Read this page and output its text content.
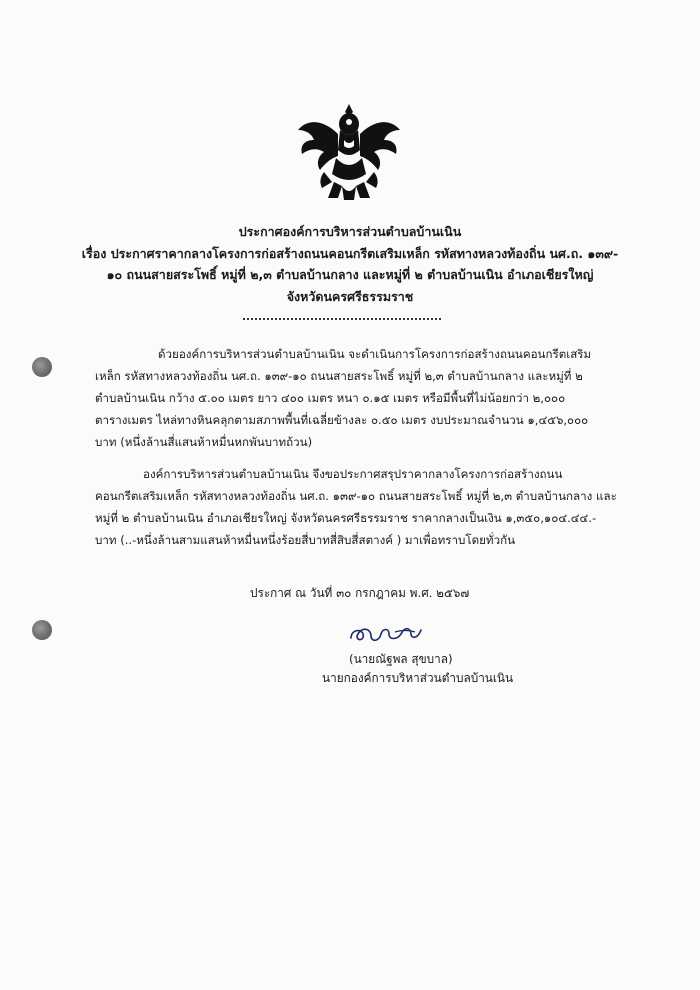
ประกาศองค์การบริหารส่วนตำบลบ้านเนิน
เรื่อง ประกาศราคากลางโครงการก่อสร้างถนนคอนกรีตเสริมเหล็ก รหัสทางหลวงท้องถิ่น นศ.ถ. ๑๓๙-
๑๐ ถนนสายสระโพธิ์ หมู่ที่ ๒,๓ ตำบลบ้านกลาง และหมู่ที่ ๒ ตำบลบ้านเนิน อำเภอเชียรใหญ่
จังหวัดนครศรีธรรมราช
ด้วยองค์การบริหารส่วนตำบลบ้านเนิน จะดำเนินการโครงการก่อสร้างถนนคอนกรีตเสริม
เหล็ก รหัสทางหลวงท้องถิ่น นศ.ถ. ๑๓๙-๑๐ ถนนสายสระโพธิ์ หมู่ที่ ๒,๓ ตำบลบ้านกลาง และหมู่ที่ ๒
ตำบลบ้านเนิน กว้าง ๕.๐๐ เมตร ยาว ๔๐๐ เมตร หนา ๐.๑๕ เมตร หรือมีพื้นที่ไม่น้อยกว่า ๒,๐๐๐
ตารางเมตร ไหล่ทางหินคลุกตามสภาพพื้นที่เฉลี่ยข้างละ ๐.๕๐ เมตร งบประมาณจำนวน ๑,๔๕๖,๐๐๐
บาท (หนึ่งล้านสี่แสนห้าหมื่นหกพันบาทถ้วน)
องค์การบริหารส่วนตำบลบ้านเนิน จึงขอประกาศสรุปราคากลางโครงการก่อสร้างถนน
คอนกรีตเสริมเหล็ก รหัสทางหลวงท้องถิ่น นศ.ถ. ๑๓๙-๑๐ ถนนสายสระโพธิ์ หมู่ที่ ๒,๓ ตำบลบ้านกลาง และ
หมู่ที่ ๒ ตำบลบ้านเนิน อำเภอเชียรใหญ่ จังหวัดนครศรีธรรมราช ราคากลางเป็นเงิน ๑,๓๕๐,๑๐๔.๔๔.-
บาท (..-หนึ่งล้านสามแสนห้าหมื่นหนึ่งร้อยสี่บาทสี่สิบสี่สตางค์ ) มาเพื่อทราบโดยทั่วกัน
ประกาศ ณ วันที่ ๓๐ กรกฎาคม พ.ศ. ๒๕๖๗
(นายณัฐพล สุขบาล)
นายกองค์การบริหาส่วนตำบลบ้านเนิน
